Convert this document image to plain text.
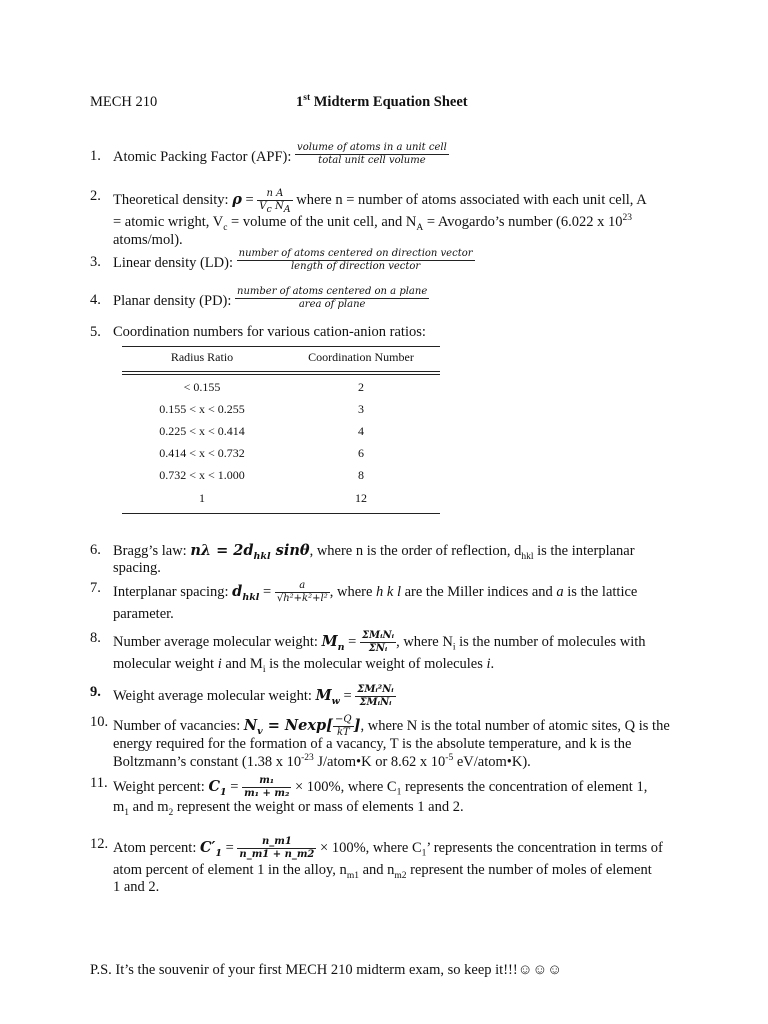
MECH 210	1st Midterm Equation Sheet
1. Atomic Packing Factor (APF): $\frac{\text{volume of atoms in a unit cell}}{\text{total unit cell volume}}$
2. Theoretical density: $\rho = \frac{\text{n A}}{V_c N_A}$ where n = number of atoms associated with each unit cell, A
= atomic wright, $V_c$ = volume of the unit cell, and $N_A$ = Avogardo’s number (6.022 x $10^{23}$
atoms/mol).
3. Linear density (LD): $\frac{\text{number of atoms centered on direction vector}}{\text{length of direction vector}}$
4. Planar density (PD): $\frac{\text{number of atoms centered on a plane}}{\text{area of plane}}$
5. Coordination numbers for various cation-anion ratios:
Radius Ratio	Coordination Number
< 0.155	2
0.155 < x < 0.255	3
0.225 < x < 0.414	4
0.414 < x < 0.732	6
0.732 < x < 1.000	8
1	12
6. Bragg’s law: $n\lambda = 2d_{hkl}$ sinθ, where n is the order of reflection, $d_{hkl}$ is the interplanar
spacing.
7. Interplanar spacing: $d_{hkl} = \frac{a}{\text{√h²+k²+l²}}$ , where h k l are the Miller indices and a is the lattice
parameter.
8. Number average molecular weight: $M_n = \frac{\text{ΣMᵢNᵢ}}{\text{ΣNᵢ}}$ , where $N_i$ is the number of molecules with
molecular weight i and $M_i$ is the molecular weight of molecules i.
9. Weight average molecular weight: $M_w = \frac{\text{ΣMᵢ²Nᵢ}}{\text{ΣMᵢNᵢ}}$
10. Number of vacancies: $N_v = Nexp[ \frac{-Q}{kT}$ ], where N is the total number of atomic sites, Q is the
energy required for the formation of a vacancy, T is the absolute temperature, and k is the
Boltzmann’s constant (1.38 x $10^{-23}$ J/atom•K or 8.62 x $10^{-5}$ eV/atom•K).
11. Weight percent: $C_1 = \frac{\text{m₁}}{\text{m₁ + m₂}} \times 100\%$, where $C_1$ represents the concentration of element 1,
$m_1$ and $m_2$ represent the weight or mass of elements 1 and 2.
12. Atom percent: $C'_1 = \frac{n\_m1}{n\_m1 + n\_m2} \times 100\%$, where $C_1$’ represents the concentration in terms of
atom percent of element 1 in the alloy, $n_{m1}$ and $n_{m2}$ represent the number of moles of element
1 and 2.
P.S. It’s the souvenir of your first MECH 210 midterm exam, so keep it!!!☺☺☺
